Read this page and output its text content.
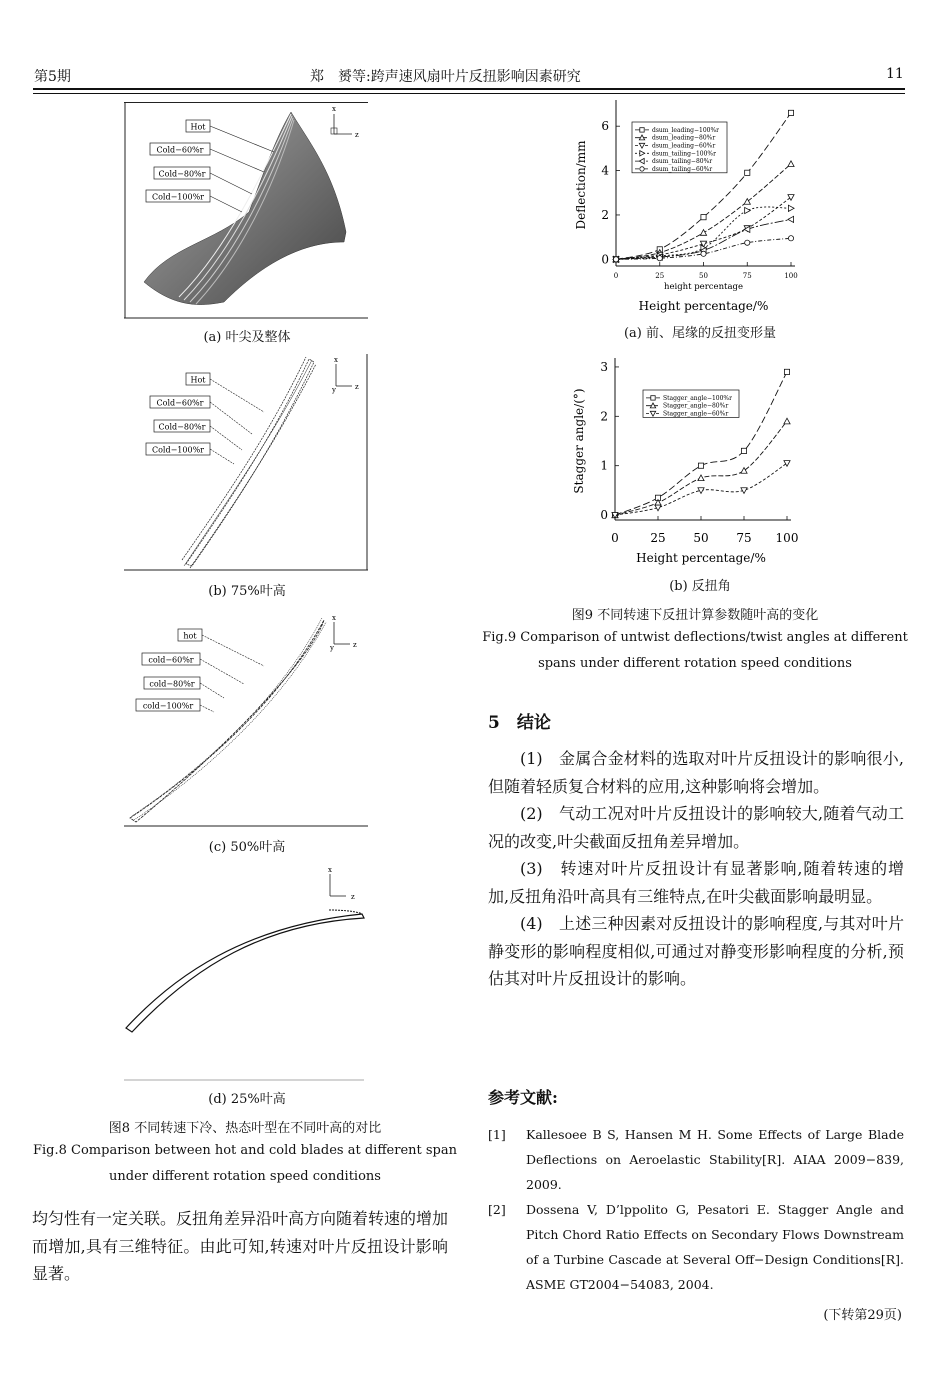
第5期	郑　赟等:跨声速风扇叶片反扭影响因素研究	11
Hot
Cold−60%r
Cold−80%r
Cold−100%r
x
z
(a) 叶尖及整体
Hot
Cold−60%r
Cold−80%r
Cold−100%r
x
y	z
(b) 75%叶高
hot
cold−60%r
cold−80%r
cold−100%r
x
y	z
(c) 50%叶高
x
z
(d) 25%叶高
图8 不同转速下冷、热态叶型在不同叶高的对比
Fig.8 Comparison between hot and cold blades at different span
under different rotation speed conditions
均匀性有一定关联。反扭角差异沿叶高方向随着转速的增加而增加,具有三维特征。由此可知,转速对叶片反扭设计影响显著。
0
2
4
6
0	25	50	75	100
dsum_leading−100%r
dsum_leading−80%r
dsum_leading−60%r
dsum_tailing−100%r
dsum_tailing−80%r
dsum_tailing−60%r
Height percentage/%
Deflection/mm
height percentage
(a) 前、尾缘的反扭变形量
0
1
2
3
0	25 50 75 100
Stagger_angle−100%r
Stagger_angle−80%r
Stagger_angle−60%r
Height percentage/%
Stagger angle/(°)
(b) 反扭角
图9 不同转速下反扭计算参数随叶高的变化
Fig.9 Comparison of untwist deflections/twist angles at different
spans under different rotation speed conditions
5　结论

(1)　金属合金材料的选取对叶片反扭设计的影响很小,但随着轻质复合材料的应用,这种影响将会增加。

(2)　气动工况对叶片反扭设计的影响较大,随着气动工况的改变,叶尖截面反扭角差异增加。

(3)　转速对叶片反扭设计有显著影响,随着转速的增加,反扭角沿叶高具有三维特点,在叶尖截面影响最明显。

(4)　上述三种因素对反扭设计的影响程度,与其对叶片静变形的影响程度相似,可通过对静变形影响程度的分析,预估其对叶片反扭设计的影响。

参考文献:
[1] Kallesoee B S, Hansen M H. Some Effects of Large Blade Deflections on Aeroelastic Stability[R]. AIAA 2009−839, 2009.
[2] Dossena V, D’lppolito G, Pesatori E. Stagger Angle and Pitch Chord Ratio Effects on Secondary Flows Downstream of a Turbine Cascade at Several Off−Design Conditions[R]. ASME GT2004−54083, 2004.
(下转第29页)
